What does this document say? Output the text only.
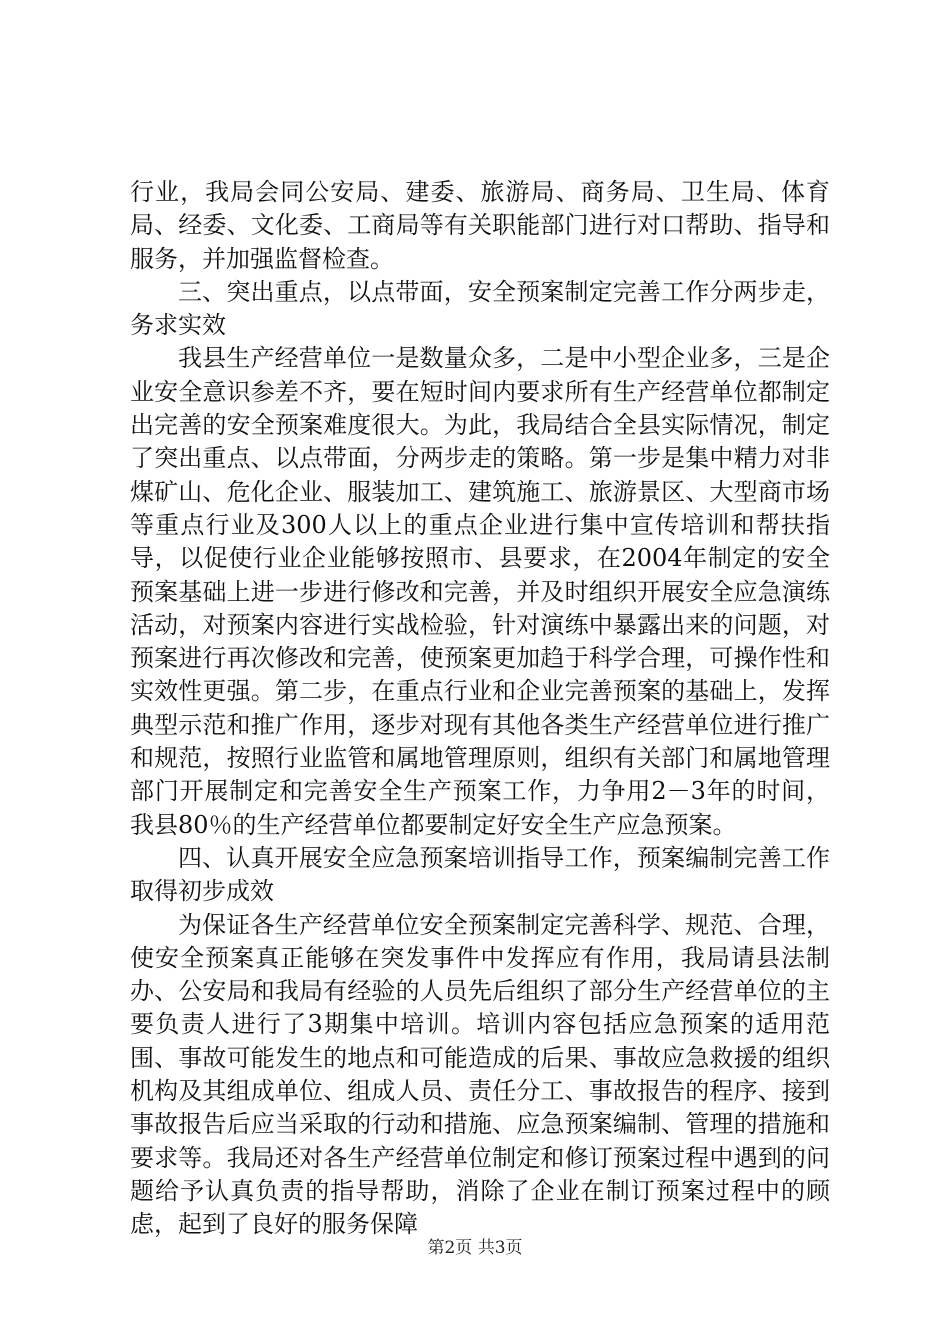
行业，我局会同公安局、建委、旅游局、商务局、卫生局、体育局、经委、文化委、工商局等有关职能部门进行对口帮助、指导和服务，并加强监督检查。

三、突出重点，以点带面，安全预案制定完善工作分两步走，务求实效

我县生产经营单位一是数量众多，二是中小型企业多，三是企业安全意识参差不齐，要在短时间内要求所有生产经营单位都制定出完善的安全预案难度很大。为此，我局结合全县实际情况，制定了突出重点、以点带面，分两步走的策略。第一步是集中精力对非煤矿山、危化企业、服装加工、建筑施工、旅游景区、大型商市场等重点行业及300人以上的重点企业进行集中宣传培训和帮扶指导，以促使行业企业能够按照市、县要求，在2004年制定的安全预案基础上进一步进行修改和完善，并及时组织开展安全应急演练活动，对预案内容进行实战检验，针对演练中暴露出来的问题，对预案进行再次修改和完善，使预案更加趋于科学合理，可操作性和实效性更强。第二步，在重点行业和企业完善预案的基础上，发挥典型示范和推广作用，逐步对现有其他各类生产经营单位进行推广和规范，按照行业监管和属地管理原则，组织有关部门和属地管理部门开展制定和完善安全生产预案工作，力争用2－3年的时间，我县80％的生产经营单位都要制定好安全生产应急预案。

四、认真开展安全应急预案培训指导工作，预案编制完善工作取得初步成效

为保证各生产经营单位安全预案制定完善科学、规范、合理，使安全预案真正能够在突发事件中发挥应有作用，我局请县法制办、公安局和我局有经验的人员先后组织了部分生产经营单位的主要负责人进行了3期集中培训。培训内容包括应急预案的适用范围、事故可能发生的地点和可能造成的后果、事故应急救援的组织机构及其组成单位、组成人员、责任分工、事故报告的程序、接到事故报告后应当采取的行动和措施、应急预案编制、管理的措施和要求等。我局还对各生产经营单位制定和修订预案过程中遇到的问题给予认真负责的指导帮助，消除了企业在制订预案过程中的顾虑，起到了良好的服务保障

第2页 共3页
